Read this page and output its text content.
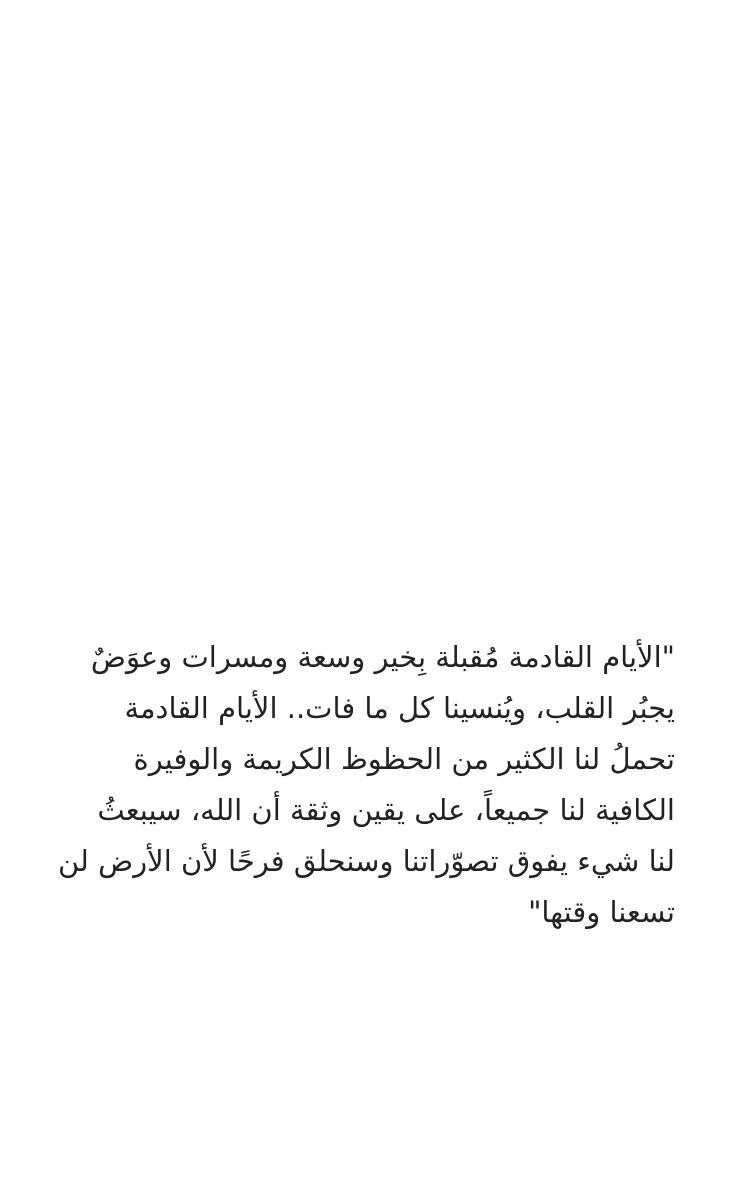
"الأيام القادمة مُقبلة بِخير وسعة ومسرات وعوَضٌ
يجبُر القلب، ويُنسينا كل ما فات.. الأيام القادمة
تحملُ لنا الكثير من الحظوظ الكريمة والوفيرة
الكافية لنا جميعاً، على يقين وثقة أن الله، سيبعثُ
لنا شيء يفوق تصوّراتنا وسنحلق فرحًا لأن الأرض لن
تسعنا وقتها"
